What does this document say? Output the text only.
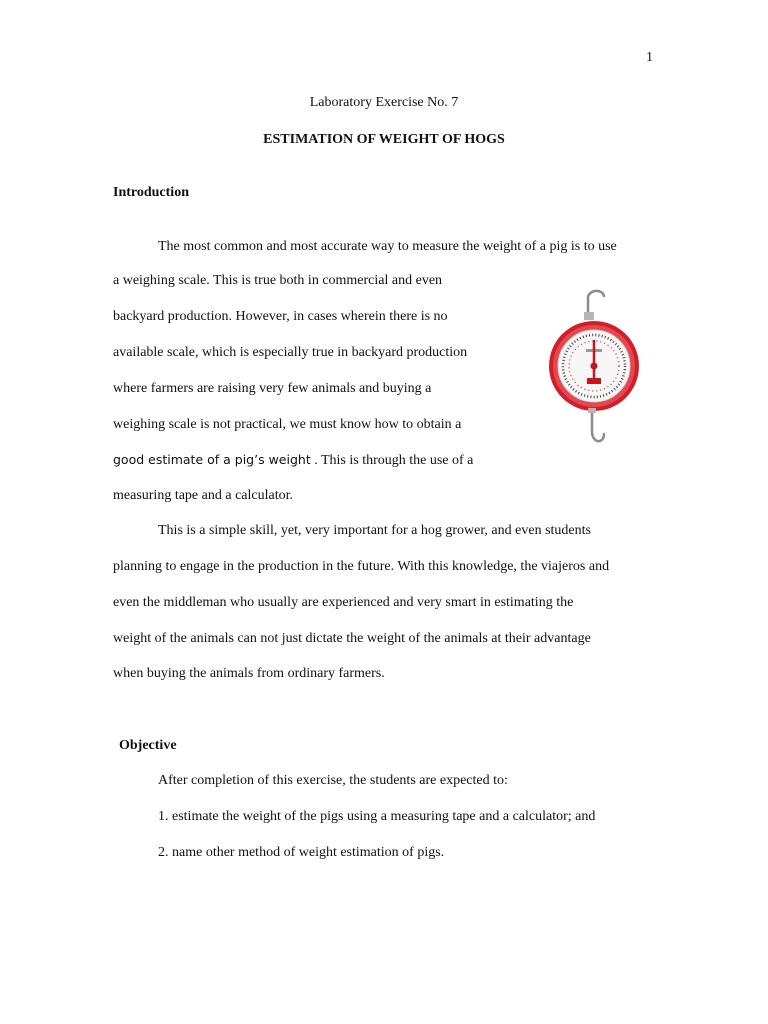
1
Laboratory Exercise No. 7
ESTIMATION OF WEIGHT OF HOGS
Introduction
The most common and most accurate way to measure the weight of a pig is to use
a weighing scale. This is true both in commercial and even
backyard production. However, in cases wherein there is no
available scale, which is especially true in backyard production
where farmers are raising very few animals and buying a
weighing scale is not practical, we must know how to obtain a
good estimate of a pig’s weight . This is through the use of a
measuring tape and a calculator.
This is a simple skill, yet, very important for a hog grower, and even students
planning to engage in the production in the future. With this knowledge, the viajeros and
even the middleman who usually are experienced and very smart in estimating the
weight of the animals can not just dictate the weight of the animals at their advantage
when buying the animals from ordinary farmers.
Objective
After completion of this exercise, the students are expected to:
1. estimate the weight of the pigs using a measuring tape and a calculator; and
2. name other method of weight estimation of pigs.
